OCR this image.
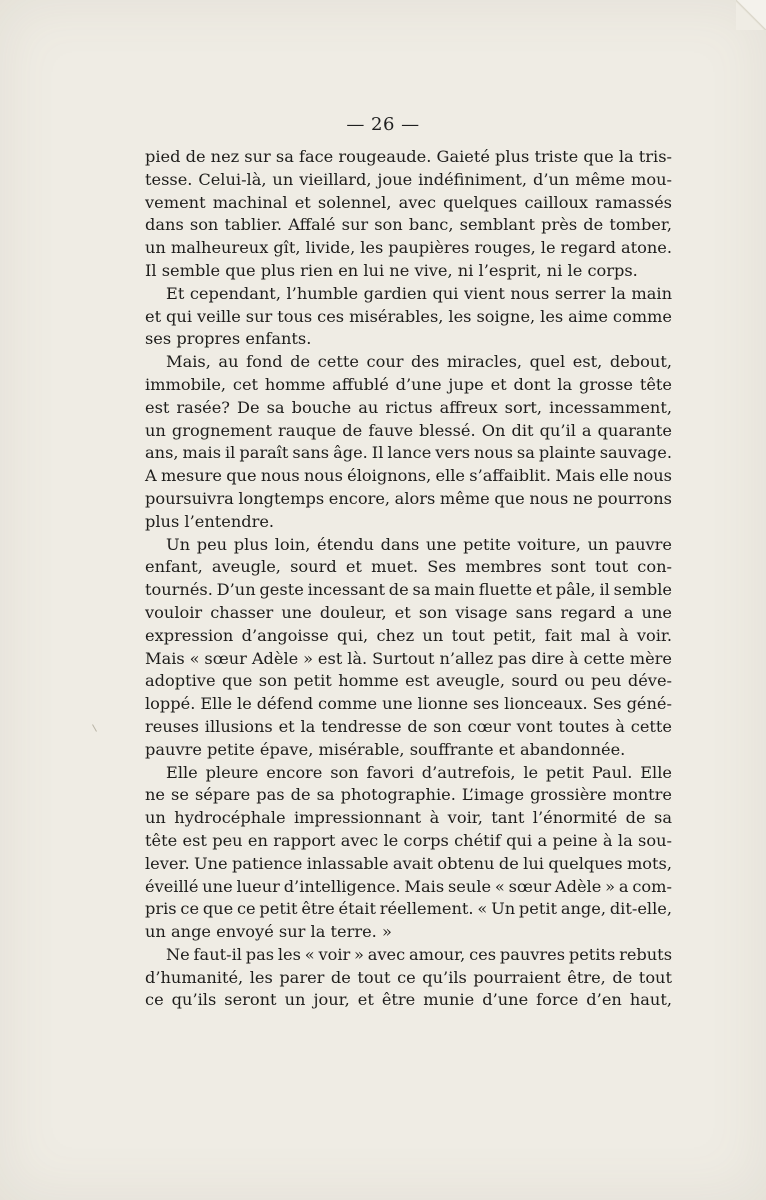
— 26 —
pied de nez sur sa face rougeaude. Gaieté plus triste que la tris-
tesse. Celui-là, un vieillard, joue indéfiniment, d’un même mou-
vement machinal et solennel, avec quelques cailloux ramassés
dans son tablier. Affalé sur son banc, semblant près de tomber,
un malheureux gît, livide, les paupières rouges, le regard atone.
Il semble que plus rien en lui ne vive, ni l’esprit, ni le corps.
Et cependant, l’humble gardien qui vient nous serrer la main
et qui veille sur tous ces misérables, les soigne, les aime comme
ses propres enfants.
Mais, au fond de cette cour des miracles, quel est, debout,
immobile, cet homme affublé d’une jupe et dont la grosse tête
est rasée? De sa bouche au rictus affreux sort, incessamment,
un grognement rauque de fauve blessé. On dit qu’il a quarante
ans, mais il paraît sans âge. Il lance vers nous sa plainte sauvage.
A mesure que nous nous éloignons, elle s’affaiblit. Mais elle nous
poursuivra longtemps encore, alors même que nous ne pourrons
plus l’entendre.
Un peu plus loin, étendu dans une petite voiture, un pauvre
enfant, aveugle, sourd et muet. Ses membres sont tout con-
tournés. D’un geste incessant de sa main fluette et pâle, il semble
vouloir chasser une douleur, et son visage sans regard a une
expression d’angoisse qui, chez un tout petit, fait mal à voir.
Mais « sœur Adèle » est là. Surtout n’allez pas dire à cette mère
adoptive que son petit homme est aveugle, sourd ou peu déve-
loppé. Elle le défend comme une lionne ses lionceaux. Ses géné-
reuses illusions et la tendresse de son cœur vont toutes à cette
pauvre petite épave, misérable, souffrante et abandonnée.
Elle pleure encore son favori d’autrefois, le petit Paul. Elle
ne se sépare pas de sa photographie. L’image grossière montre
un hydrocéphale impressionnant à voir, tant l’énormité de sa
tête est peu en rapport avec le corps chétif qui a peine à la sou-
lever. Une patience inlassable avait obtenu de lui quelques mots,
éveillé une lueur d’intelligence. Mais seule « sœur Adèle » a com-
pris ce que ce petit être était réellement. « Un petit ange, dit-elle,
un ange envoyé sur la terre. »
Ne faut-il pas les « voir » avec amour, ces pauvres petits rebuts
d’humanité, les parer de tout ce qu’ils pourraient être, de tout
ce qu’ils seront un jour, et être munie d’une force d’en haut,
